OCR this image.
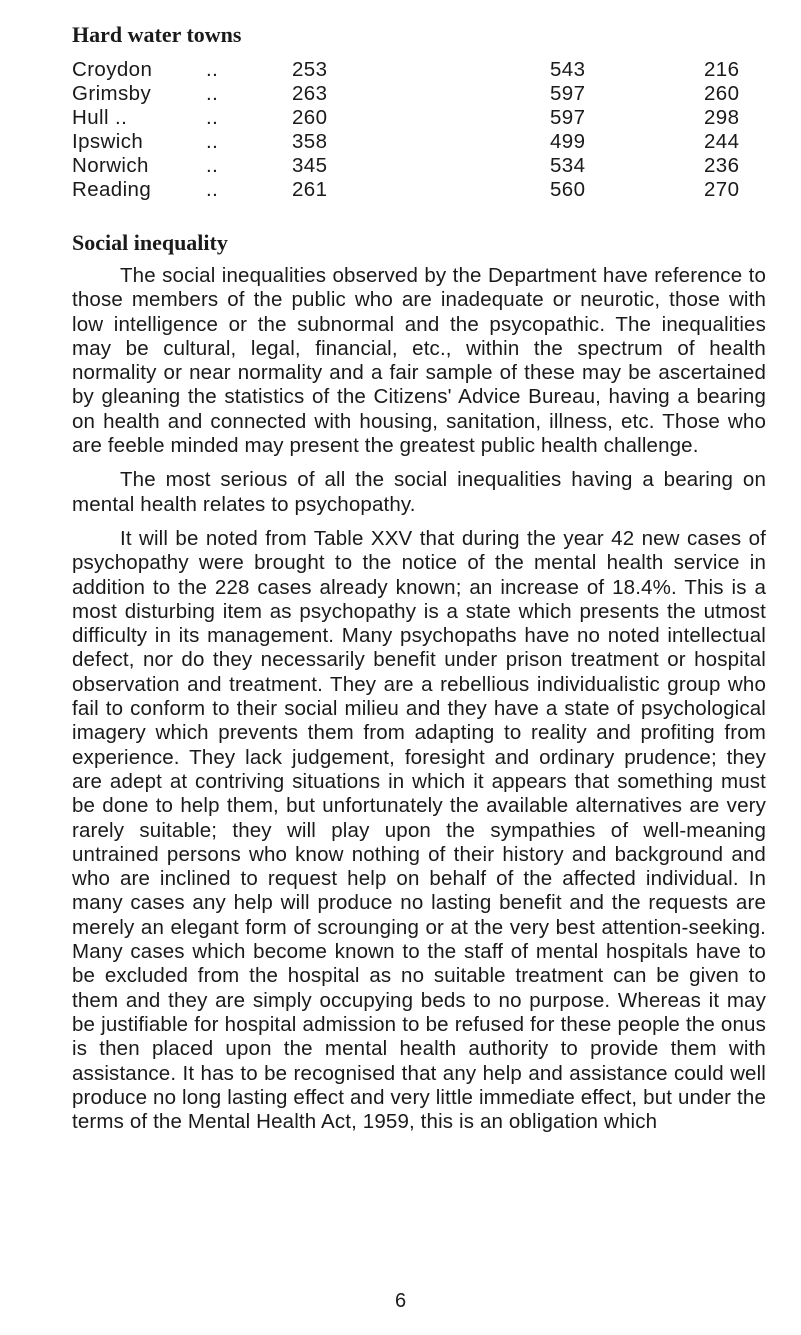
Hard water towns
Croydon	..	253	543	216
Grimsby	..	263	597	260
Hull ..	..	260	597	298
Ipswich	..	358	499	244
Norwich	..	345	534	236
Reading	..	261	560	270
Social inequality

The social inequalities observed by the Department have reference to those members of the public who are inadequate or neurotic, those with low intelligence or the subnormal and the psycopathic. The inequalities may be cultural, legal, financial, etc., within the spectrum of health normality or near normality and a fair sample of these may be ascertained by gleaning the statistics of the Citizens' Advice Bureau, having a bearing on health and connected with housing, sanitation, illness, etc. Those who are feeble minded may present the greatest public health challenge.

The most serious of all the social inequalities having a bearing on mental health relates to psychopathy.

It will be noted from Table XXV that during the year 42 new cases of psychopathy were brought to the notice of the mental health service in addition to the 228 cases already known; an increase of 18.4%. This is a most disturbing item as psychopathy is a state which presents the utmost difficulty in its management. Many psychopaths have no noted intellectual defect, nor do they necessarily benefit under prison treatment or hospital observation and treatment. They are a rebellious individualistic group who fail to conform to their social milieu and they have a state of psychological imagery which prevents them from adapting to reality and profiting from experience. They lack judgement, foresight and ordinary prudence; they are adept at contriving situations in which it appears that something must be done to help them, but unfortunately the available alternatives are very rarely suitable; they will play upon the sympathies of well-meaning untrained persons who know nothing of their history and background and who are inclined to request help on behalf of the affected individual. In many cases any help will produce no lasting benefit and the requests are merely an elegant form of scrounging or at the very best attention-seeking. Many cases which become known to the staff of mental hospitals have to be excluded from the hospital as no suitable treatment can be given to them and they are simply occupying beds to no purpose. Whereas it may be justifiable for hospital admission to be refused for these people the onus is then placed upon the mental health authority to provide them with assistance. It has to be recognised that any help and assistance could well produce no long lasting effect and very little immediate effect, but under the terms of the Mental Health Act, 1959, this is an obligation which

6
